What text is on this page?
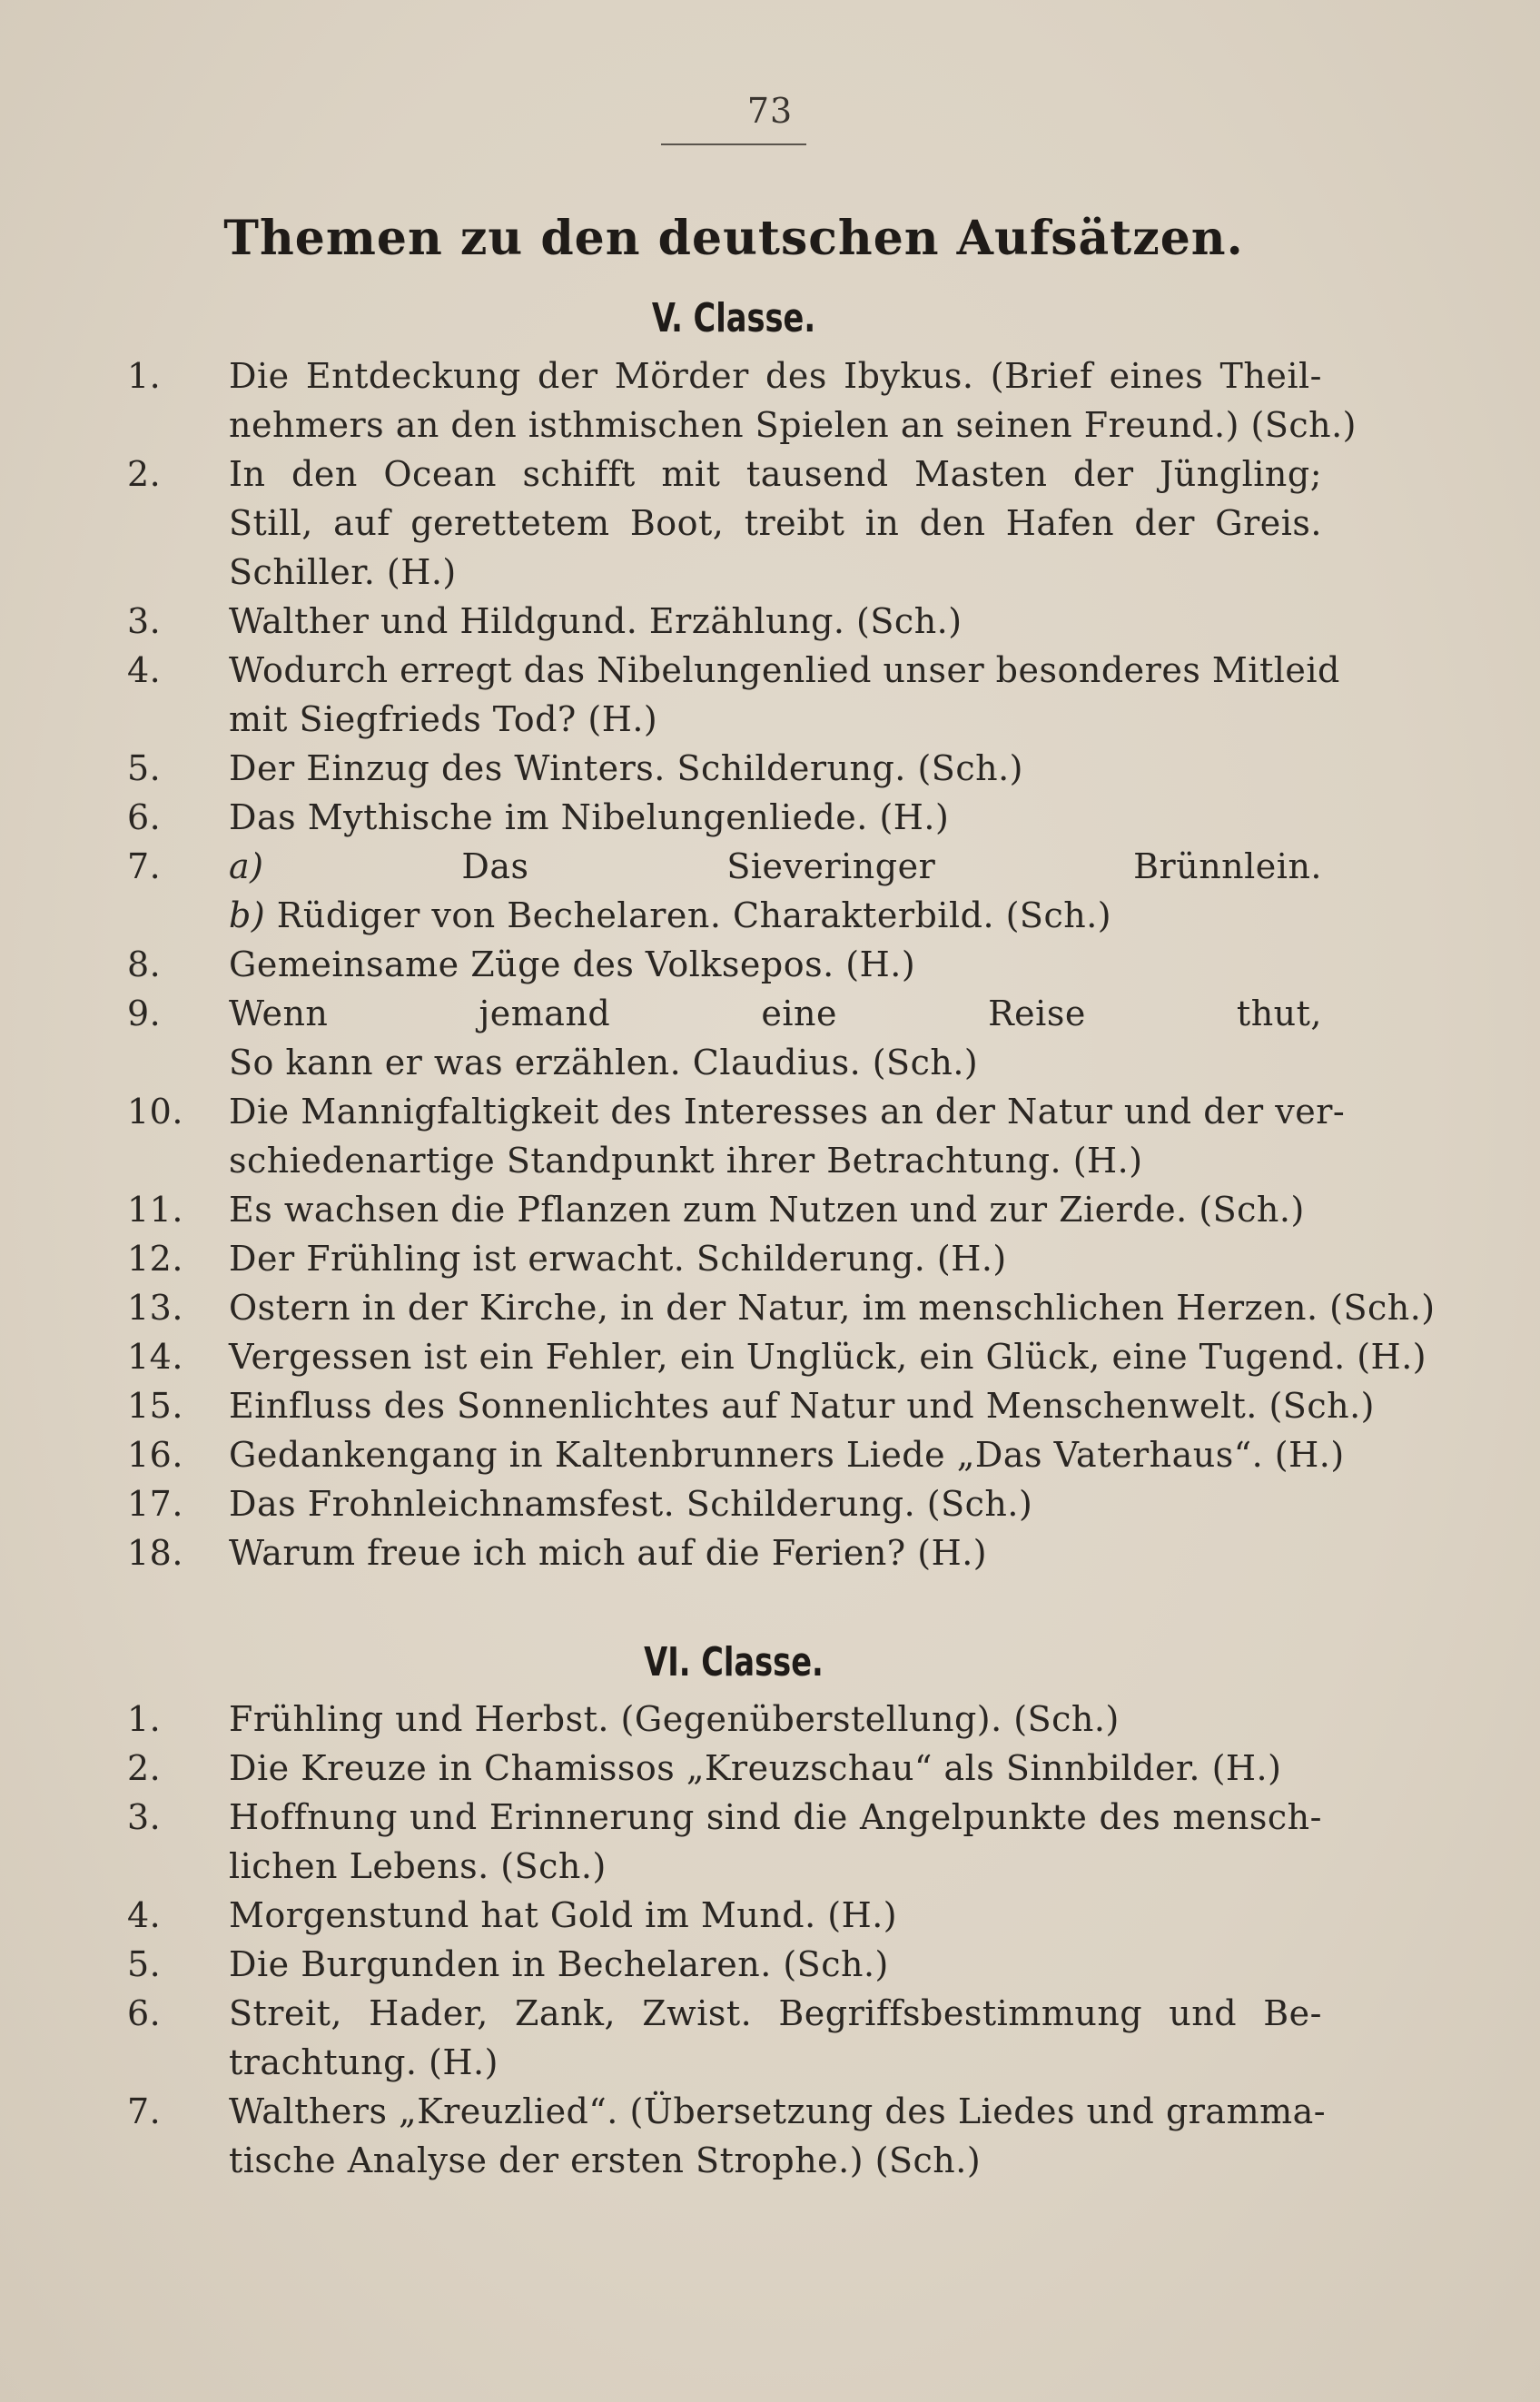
73
Themen zu den deutschen Aufsätzen.
V. Classe.
1.	Die Entdeckung der Mörder des Ibykus. (Brief eines Theil-
nehmers an den isthmischen Spielen an seinen Freund.) (Sch.)
2.	In den Ocean schifft mit tausend Masten der Jüngling;
Still, auf gerettetem Boot, treibt in den Hafen der Greis.
Schiller. (H.)
3.	Walther und Hildgund. Erzählung. (Sch.)
4.	Wodurch erregt das Nibelungenlied unser besonderes Mitleid
mit Siegfrieds Tod? (H.)
5.	Der Einzug des Winters. Schilderung. (Sch.)
6.	Das Mythische im Nibelungenliede. (H.)
7.	a) Das Sieveringer Brünnlein.
b) Rüdiger von Bechelaren. Charakterbild. (Sch.)
8.	Gemeinsame Züge des Volksepos. (H.)
9.	Wenn jemand eine Reise thut,
So kann er was erzählen. Claudius. (Sch.)
10.	Die Mannigfaltigkeit des Interesses an der Natur und der ver-
schiedenartige Standpunkt ihrer Betrachtung. (H.)
11.	Es wachsen die Pflanzen zum Nutzen und zur Zierde. (Sch.)
12.	Der Frühling ist erwacht. Schilderung. (H.)
13.	Ostern in der Kirche, in der Natur, im menschlichen Herzen. (Sch.)
14.	Vergessen ist ein Fehler, ein Unglück, ein Glück, eine Tugend. (H.)
15.	Einfluss des Sonnenlichtes auf Natur und Menschenwelt. (Sch.)
16.	Gedankengang in Kaltenbrunners Liede „Das Vaterhaus“. (H.)
17.	Das Frohnleichnamsfest. Schilderung. (Sch.)
18.	Warum freue ich mich auf die Ferien? (H.)
VI. Classe.
1.	Frühling und Herbst. (Gegenüberstellung). (Sch.)
2.	Die Kreuze in Chamissos „Kreuzschau“ als Sinnbilder. (H.)
3.	Hoffnung und Erinnerung sind die Angelpunkte des mensch-
lichen Lebens. (Sch.)
4.	Morgenstund hat Gold im Mund. (H.)
5.	Die Burgunden in Bechelaren. (Sch.)
6.	Streit, Hader, Zank, Zwist. Begriffsbestimmung und Be-
trachtung. (H.)
7.	Walthers „Kreuzlied“. (Übersetzung des Liedes und gramma-
tische Analyse der ersten Strophe.) (Sch.)
